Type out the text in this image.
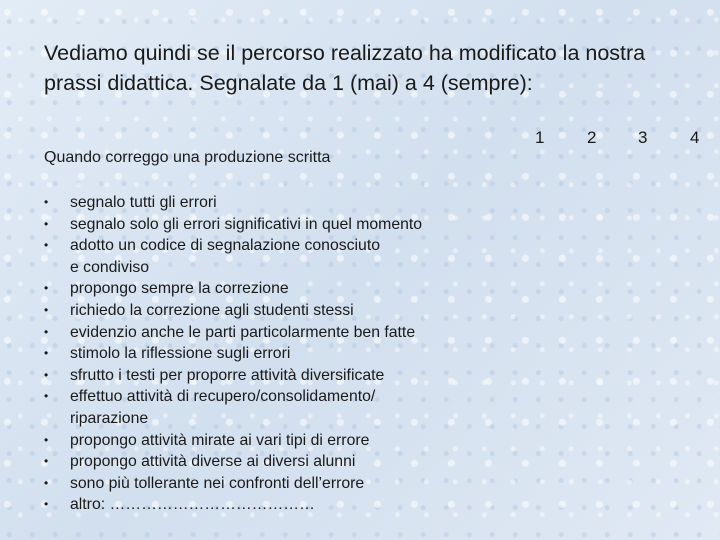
Vediamo quindi se il percorso realizzato ha modificato la nostra prassi didattica. Segnalate da 1 (mai) a 4 (sempre):
1	2 3	4
Quando correggo una produzione scritta
• segnalo tutti gli errori
• segnalo solo gli errori significativi in quel momento
• adotto un codice di segnalazione conosciuto
e condiviso
• propongo sempre la correzione
• richiedo la correzione agli studenti stessi
• evidenzio anche le parti particolarmente ben fatte
• stimolo la riflessione sugli errori
• sfrutto i testi per proporre attività diversificate
• effettuo attività di recupero/consolidamento/
riparazione
• propongo attività mirate ai vari tipi di errore
• propongo attività diverse ai diversi alunni
• sono più tollerante nei confronti dell’errore
• altro: …………………………………
